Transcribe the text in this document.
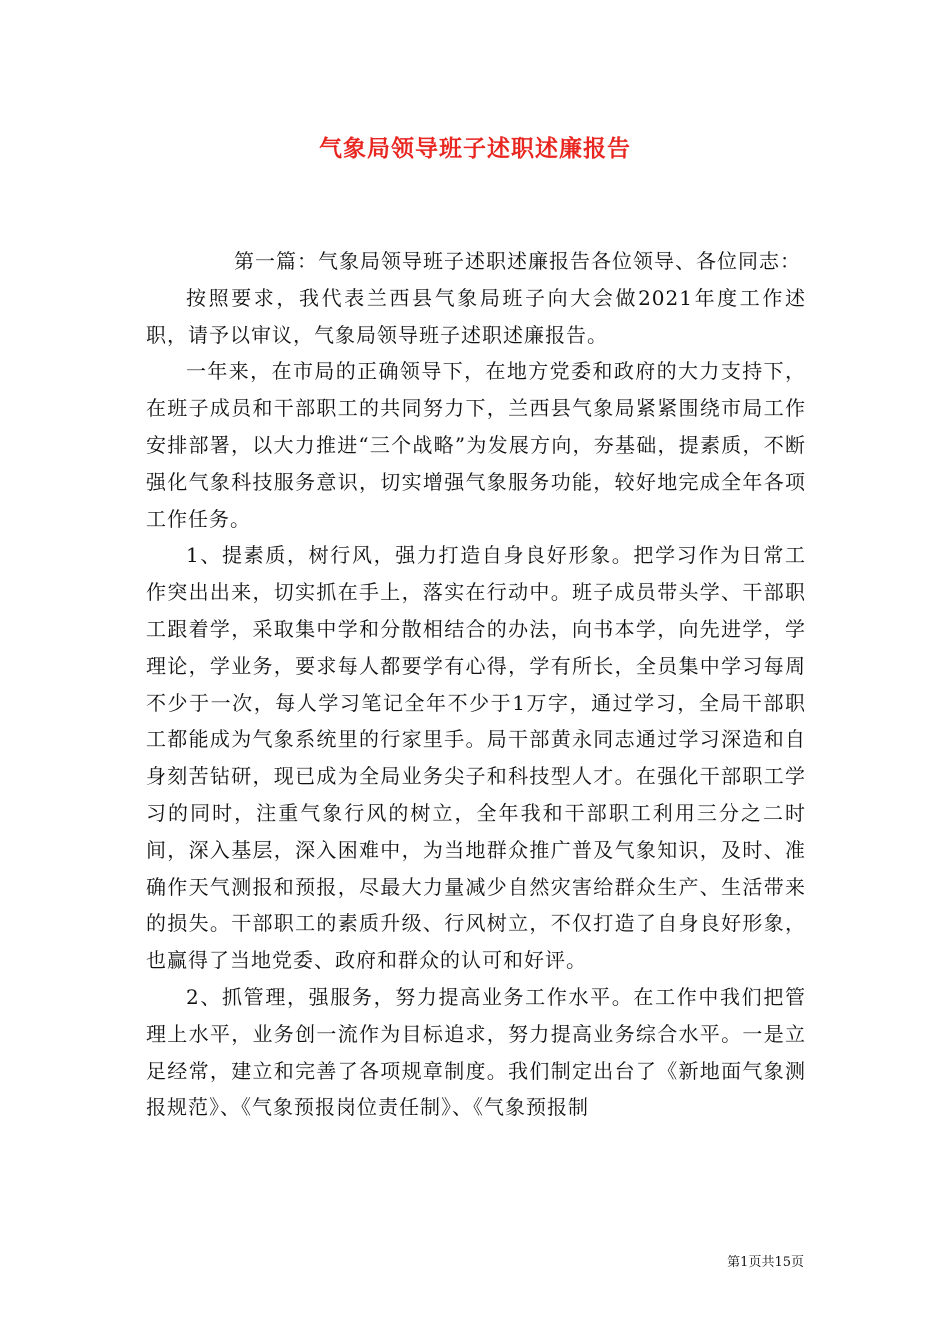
气象局领导班子述职述廉报告

第一篇：气象局领导班子述职述廉报告各位领导、各位同志：

按照要求，我代表兰西县气象局班子向大会做2021年度工作述职，请予以审议，气象局领导班子述职述廉报告。

一年来，在市局的正确领导下，在地方党委和政府的大力支持下，在班子成员和干部职工的共同努力下，兰西县气象局紧紧围绕市局工作安排部署，以大力推进“三个战略”为发展方向，夯基础，提素质，不断强化气象科技服务意识，切实增强气象服务功能，较好地完成全年各项工作任务。

1、提素质，树行风，强力打造自身良好形象。把学习作为日常工作突出出来，切实抓在手上，落实在行动中。班子成员带头学、干部职工跟着学，采取集中学和分散相结合的办法，向书本学，向先进学，学理论，学业务，要求每人都要学有心得，学有所长，全员集中学习每周不少于一次，每人学习笔记全年不少于1万字，通过学习，全局干部职工都能成为气象系统里的行家里手。局干部黄永同志通过学习深造和自身刻苦钻研，现已成为全局业务尖子和科技型人才。在强化干部职工学习的同时，注重气象行风的树立，全年我和干部职工利用三分之二时间，深入基层，深入困难中，为当地群众推广普及气象知识，及时、准确作天气测报和预报，尽最大力量减少自然灾害给群众生产、生活带来的损失。干部职工的素质升级、行风树立，不仅打造了自身良好形象，也赢得了当地党委、政府和群众的认可和好评。

2、抓管理，强服务，努力提高业务工作水平。在工作中我们把管理上水平，业务创一流作为目标追求，努力提高业务综合水平。一是立足经常，建立和完善了各项规章制度。我们制定出台了《新地面气象测报规范》、《气象预报岗位责任制》、《气象预报制

第1页共15页
